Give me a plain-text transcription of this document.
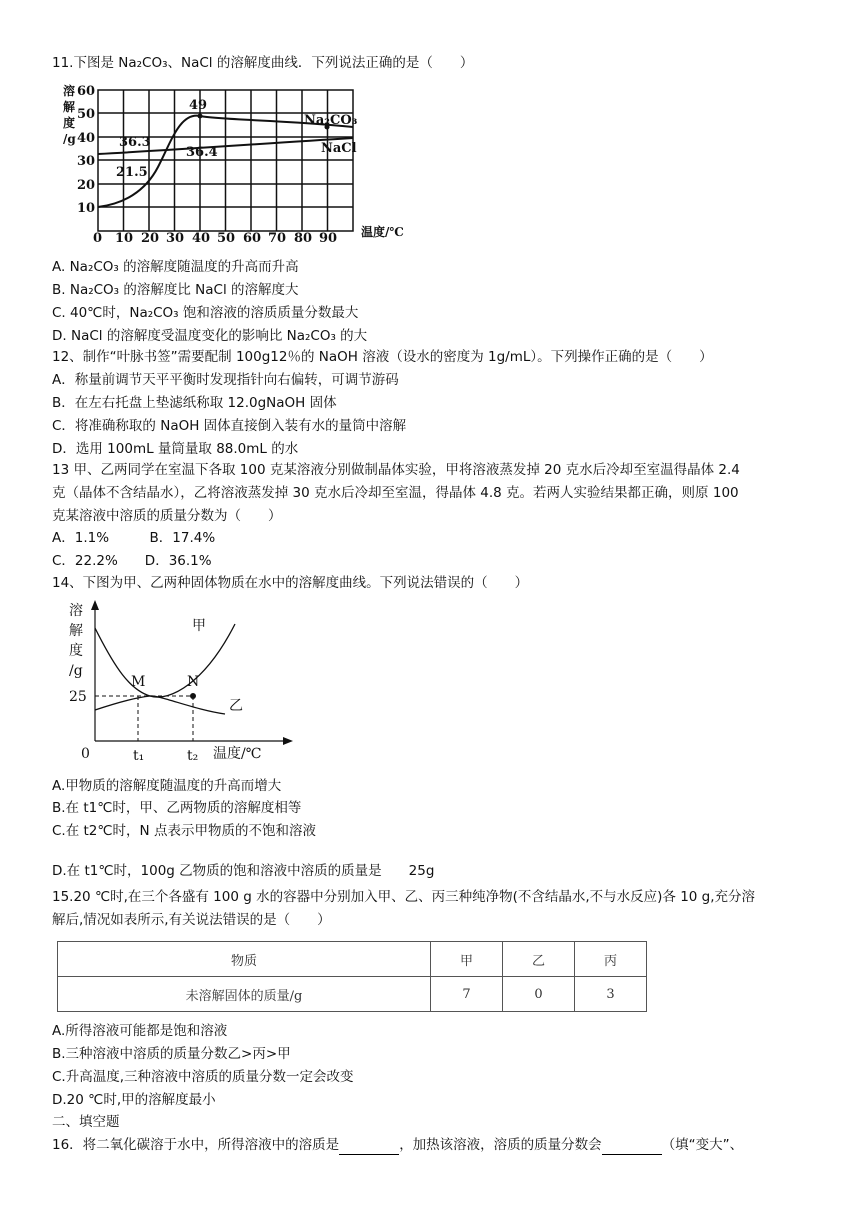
11.下图是 Na₂CO₃、NaCl 的溶解度曲线．下列说法正确的是（　　）
溶解度/g
60
50
40
30
20
10
0 10 20 30 40 50 60 70 80 90 温度/℃
49
Na₂CO₃
NaCl
36.3
36.4
21.5
A. Na₂CO₃ 的溶解度随温度的升高而升高
B. Na₂CO₃ 的溶解度比 NaCl 的溶解度大
C. 40℃时，Na₂CO₃ 饱和溶液的溶质质量分数最大
D. NaCl 的溶解度受温度变化的影响比 Na₂CO₃ 的大
12、制作“叶脉书签”需要配制 100g12％的 NaOH 溶液（设水的密度为 1g/mL）。下列操作正确的是（　　）
A．称量前调节天平平衡时发现指针向右偏转，可调节游码
B．在左右托盘上垫滤纸称取 12.0gNaOH 固体
C．将准确称取的 NaOH 固体直接倒入装有水的量筒中溶解
D．选用 100mL 量筒量取 88.0mL 的水
13 甲、乙两同学在室温下各取 100 克某溶液分别做制晶体实验，甲将溶液蒸发掉 20 克水后冷却至室温得晶体 2.4
克（晶体不含结晶水），乙将溶液蒸发掉 30 克水后冷却至室温，得晶体 4.8 克。若两人实验结果都正确，则原 100
克某溶液中溶质的质量分数为（　　）
A．1.1%　　　B．17.4%
C．22.2%　　D．36.1%
14、下图为甲、乙两种固体物质在水中的溶解度曲线。下列说法错误的（　　）
溶解度/g
甲
乙
M	N
25
0	t₁	t₂ 温度/℃
A.甲物质的溶解度随温度的升高而增大
B.在 t1℃时，甲、乙两物质的溶解度相等
C.在 t2℃时，N 点表示甲物质的不饱和溶液
D.在 t1℃时，100g 乙物质的饱和溶液中溶质的质量是　　25g
15.20 ℃时,在三个各盛有 100 g 水的容器中分别加入甲、乙、丙三种纯净物(不含结晶水,不与水反应)各 10 g,充分溶
解后,情况如表所示,有关说法错误的是（　　）
物质	甲	乙	丙
未溶解固体的质量/g	7	0	3
A.所得溶液可能都是饱和溶液
B.三种溶液中溶质的质量分数乙>丙>甲
C.升高温度,三种溶液中溶质的质量分数一定会改变
D.20 ℃时,甲的溶解度最小
二、填空题
16．将二氧化碳溶于水中，所得溶液中的溶质是	，加热该溶液，溶质的质量分数会	（填“变大”、
